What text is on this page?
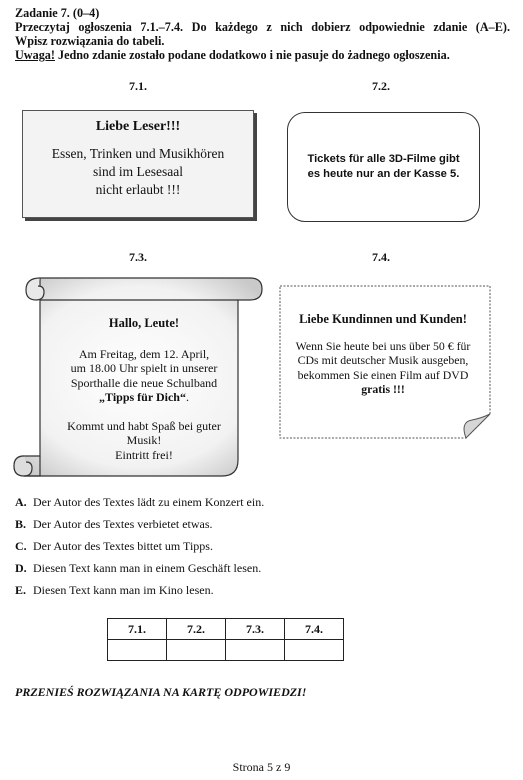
Zadanie 7. (0–4)
Przeczytaj ogłoszenia 7.1.–7.4. Do każdego z nich dobierz odpowiednie zdanie (A–E).
Wpisz rozwiązania do tabeli.
Uwaga! Jedno zdanie zostało podane dodatkowo i nie pasuje do żadnego ogłoszenia.
7.1.	7.2.
7.3.	7.4.
Liebe Leser!!!
Essen, Trinken und Musikhören
sind im Lesesaal
nicht erlaubt !!!
Tickets für alle 3D-Filme gibt
es heute nur an der Kasse 5.
Hallo, Leute!
Am Freitag, dem 12. April,
um 18.00 Uhr spielt in unserer
Sporthalle die neue Schulband
„Tipps für Dich“.
Kommt und habt Spaß bei guter
Musik!
Eintritt frei!
Liebe Kundinnen und Kunden!
Wenn Sie heute bei uns über 50 € für
CDs mit deutscher Musik ausgeben,
bekommen Sie einen Film auf DVD
gratis !!!
A. Der Autor des Textes lädt zu einem Konzert ein.
B. Der Autor des Textes verbietet etwas.
C. Der Autor des Textes bittet um Tipps.
D. Diesen Text kann man in einem Geschäft lesen.
E. Diesen Text kann man im Kino lesen.
7.1.	7.2.	7.3.	7.4.

PRZENIEŚ ROZWIĄZANIA NA KARTĘ ODPOWIEDZI!
Strona 5 z 9
